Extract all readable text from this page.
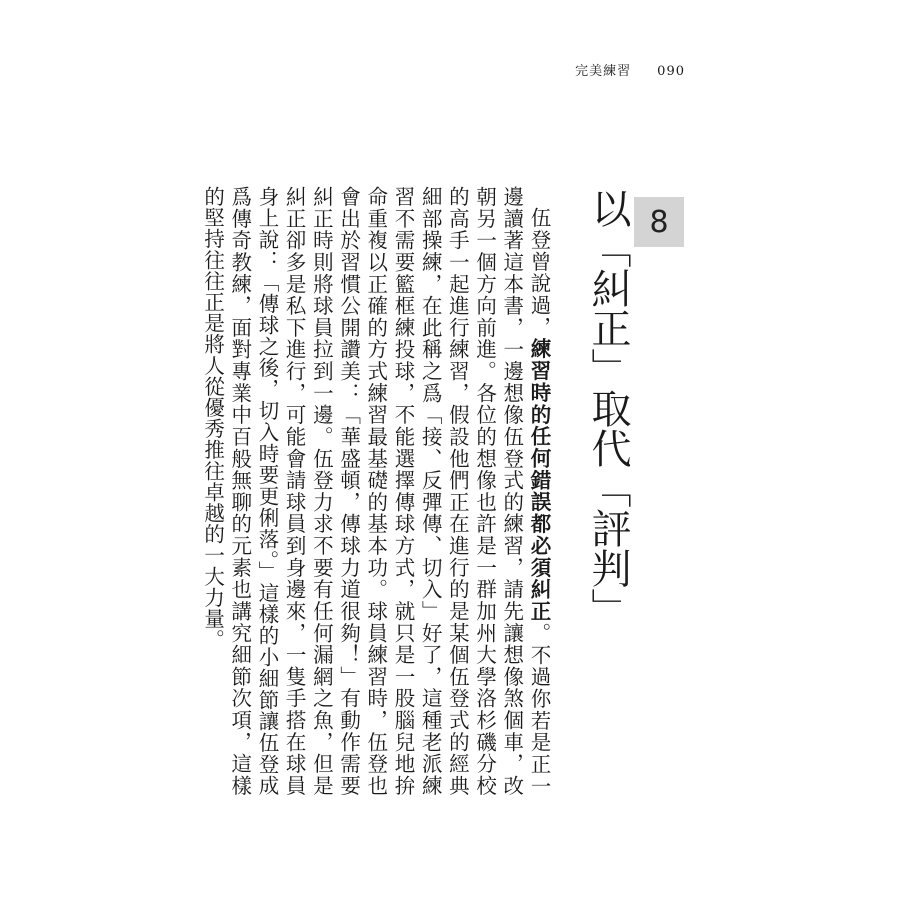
完美練習 090
8
以「糾正」取代「評判」

伍登曾說過，練習時的任何錯誤都必須糾正。不過你若是正一邊讀著這本書，一邊想像伍登式的練習，請先讓想像煞個車，改朝另一個方向前進。各位的想像也許是一群加州大學洛杉磯分校的高手一起進行練習，假設他們正在進行的是某個伍登式的經典細部操練，在此稱之爲「接、反彈傳、切入」好了，這種老派練習不需要籃框練投球，不能選擇傳球方式，就只是一股腦兒地拚命重複以正確的方式練習最基礎的基本功。球員練習時，伍登也會出於習慣公開讚美：「華盛頓，傳球力道很夠！」有動作需要糾正時則將球員拉到一邊。伍登力求不要有任何漏網之魚，但是糾正卻多是私下進行，可能會請球員到身邊來，一隻手搭在球員身上說：「傳球之後，切入時要更俐落。」這樣的小細節讓伍登成爲傳奇教練，面對專業中百般無聊的元素也講究細節次項，這樣的堅持往往正是將人從優秀推往卓越的一大力量。
